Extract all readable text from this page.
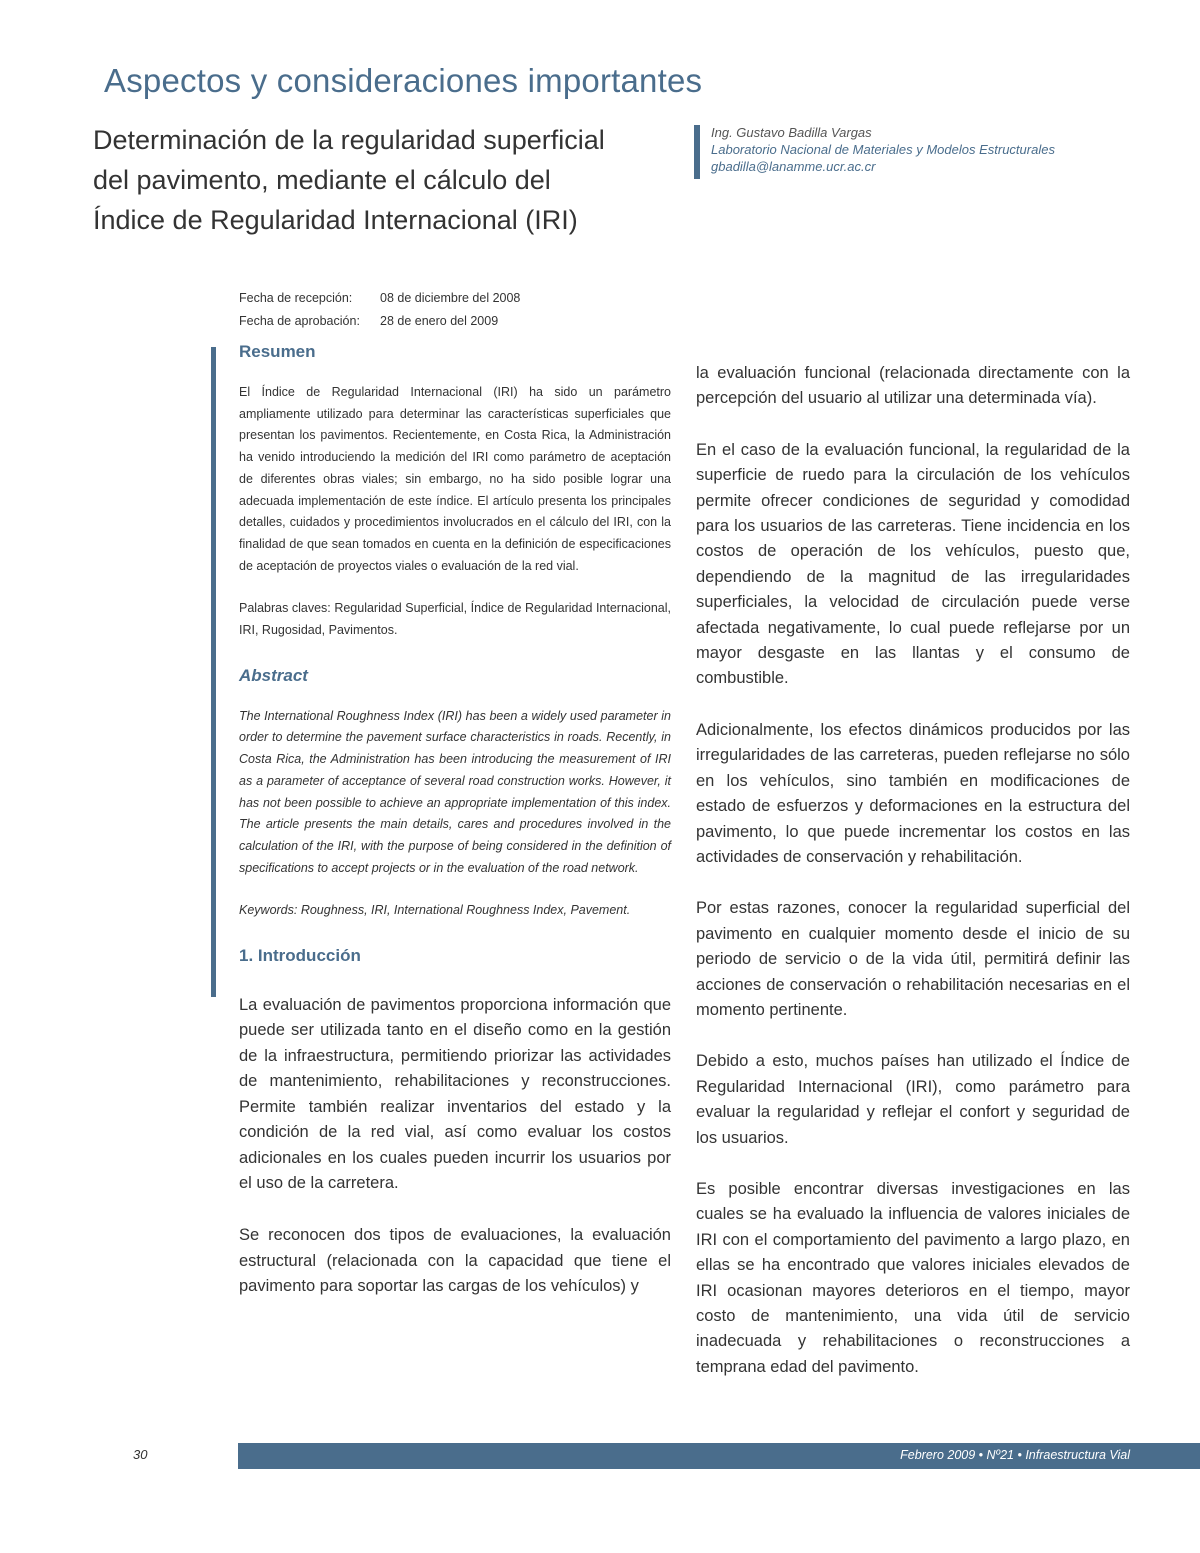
Aspectos y consideraciones importantes
Determinación de la regularidad superficial
del pavimento, mediante el cálculo del
Índice de Regularidad Internacional (IRI)
Ing. Gustavo Badilla Vargas
Laboratorio Nacional de Materiales y Modelos Estructurales
gbadilla@lanamme.ucr.ac.cr
Fecha de recepción:	08 de diciembre del 2008
Fecha de aprobación:	28 de enero del 2009
Resumen

El Índice de Regularidad Internacional (IRI) ha sido un parámetro ampliamente utilizado para determinar las características superficiales que presentan los pavimentos. Recientemente, en Costa Rica, la Administración ha venido introduciendo la medición del IRI como parámetro de aceptación de diferentes obras viales; sin embargo, no ha sido posible lograr una adecuada implementación de este índice. El artículo presenta los principales detalles, cuidados y procedimientos involucrados en el cálculo del IRI, con la finalidad de que sean tomados en cuenta en la definición de especificaciones de aceptación de proyectos viales o evaluación de la red vial.

Palabras claves: Regularidad Superficial, Índice de Regularidad Internacional, IRI, Rugosidad, Pavimentos.

Abstract

The International Roughness Index (IRI) has been a widely used parameter in order to determine the pavement surface characteristics in roads. Recently, in Costa Rica, the Administration has been introducing the measurement of IRI as a parameter of acceptance of several road construction works. However, it has not been possible to achieve an appropriate implementation of this index. The article presents the main details, cares and procedures involved in the calculation of the IRI, with the purpose of being considered in the definition of specifications to accept projects or in the evaluation of the road network.

Keywords: Roughness, IRI, International Roughness Index, Pavement.

1. Introducción

La evaluación de pavimentos proporciona información que puede ser utilizada tanto en el diseño como en la gestión de la infraestructura, permitiendo priorizar las actividades de mantenimiento, rehabilitaciones y reconstrucciones. Permite también realizar inventarios del estado y la condición de la red vial, así como evaluar los costos adicionales en los cuales pueden incurrir los usuarios por el uso de la carretera.

Se reconocen dos tipos de evaluaciones, la evaluación estructural (relacionada con la capacidad que tiene el pavimento para soportar las cargas de los vehículos) y

la evaluación funcional (relacionada directamente con la percepción del usuario al utilizar una determinada vía).

En el caso de la evaluación funcional, la regularidad de la superficie de ruedo para la circulación de los vehículos permite ofrecer condiciones de seguridad y comodidad para los usuarios de las carreteras. Tiene incidencia en los costos de operación de los vehículos, puesto que, dependiendo de la magnitud de las irregularidades superficiales, la velocidad de circulación puede verse afectada negativamente, lo cual puede reflejarse por un mayor desgaste en las llantas y el consumo de combustible.

Adicionalmente, los efectos dinámicos producidos por las irregularidades de las carreteras, pueden reflejarse no sólo en los vehículos, sino también en modificaciones de estado de esfuerzos y deformaciones en la estructura del pavimento, lo que puede incrementar los costos en las actividades de conservación y rehabilitación.

Por estas razones, conocer la regularidad superficial del pavimento en cualquier momento desde el inicio de su periodo de servicio o de la vida útil, permitirá definir las acciones de conservación o rehabilitación necesarias en el momento pertinente.

Debido a esto, muchos países han utilizado el Índice de Regularidad Internacional (IRI), como parámetro para evaluar la regularidad y reflejar el confort y seguridad de los usuarios.

Es posible encontrar diversas investigaciones en las cuales se ha evaluado la influencia de valores iniciales de IRI con el comportamiento del pavimento a largo plazo, en ellas se ha encontrado que valores iniciales elevados de IRI ocasionan mayores deterioros en el tiempo, mayor costo de mantenimiento, una vida útil de servicio inadecuada y rehabilitaciones o reconstrucciones a temprana edad del pavimento.

30	Febrero 2009 • Nº21 • Infraestructura Vial
